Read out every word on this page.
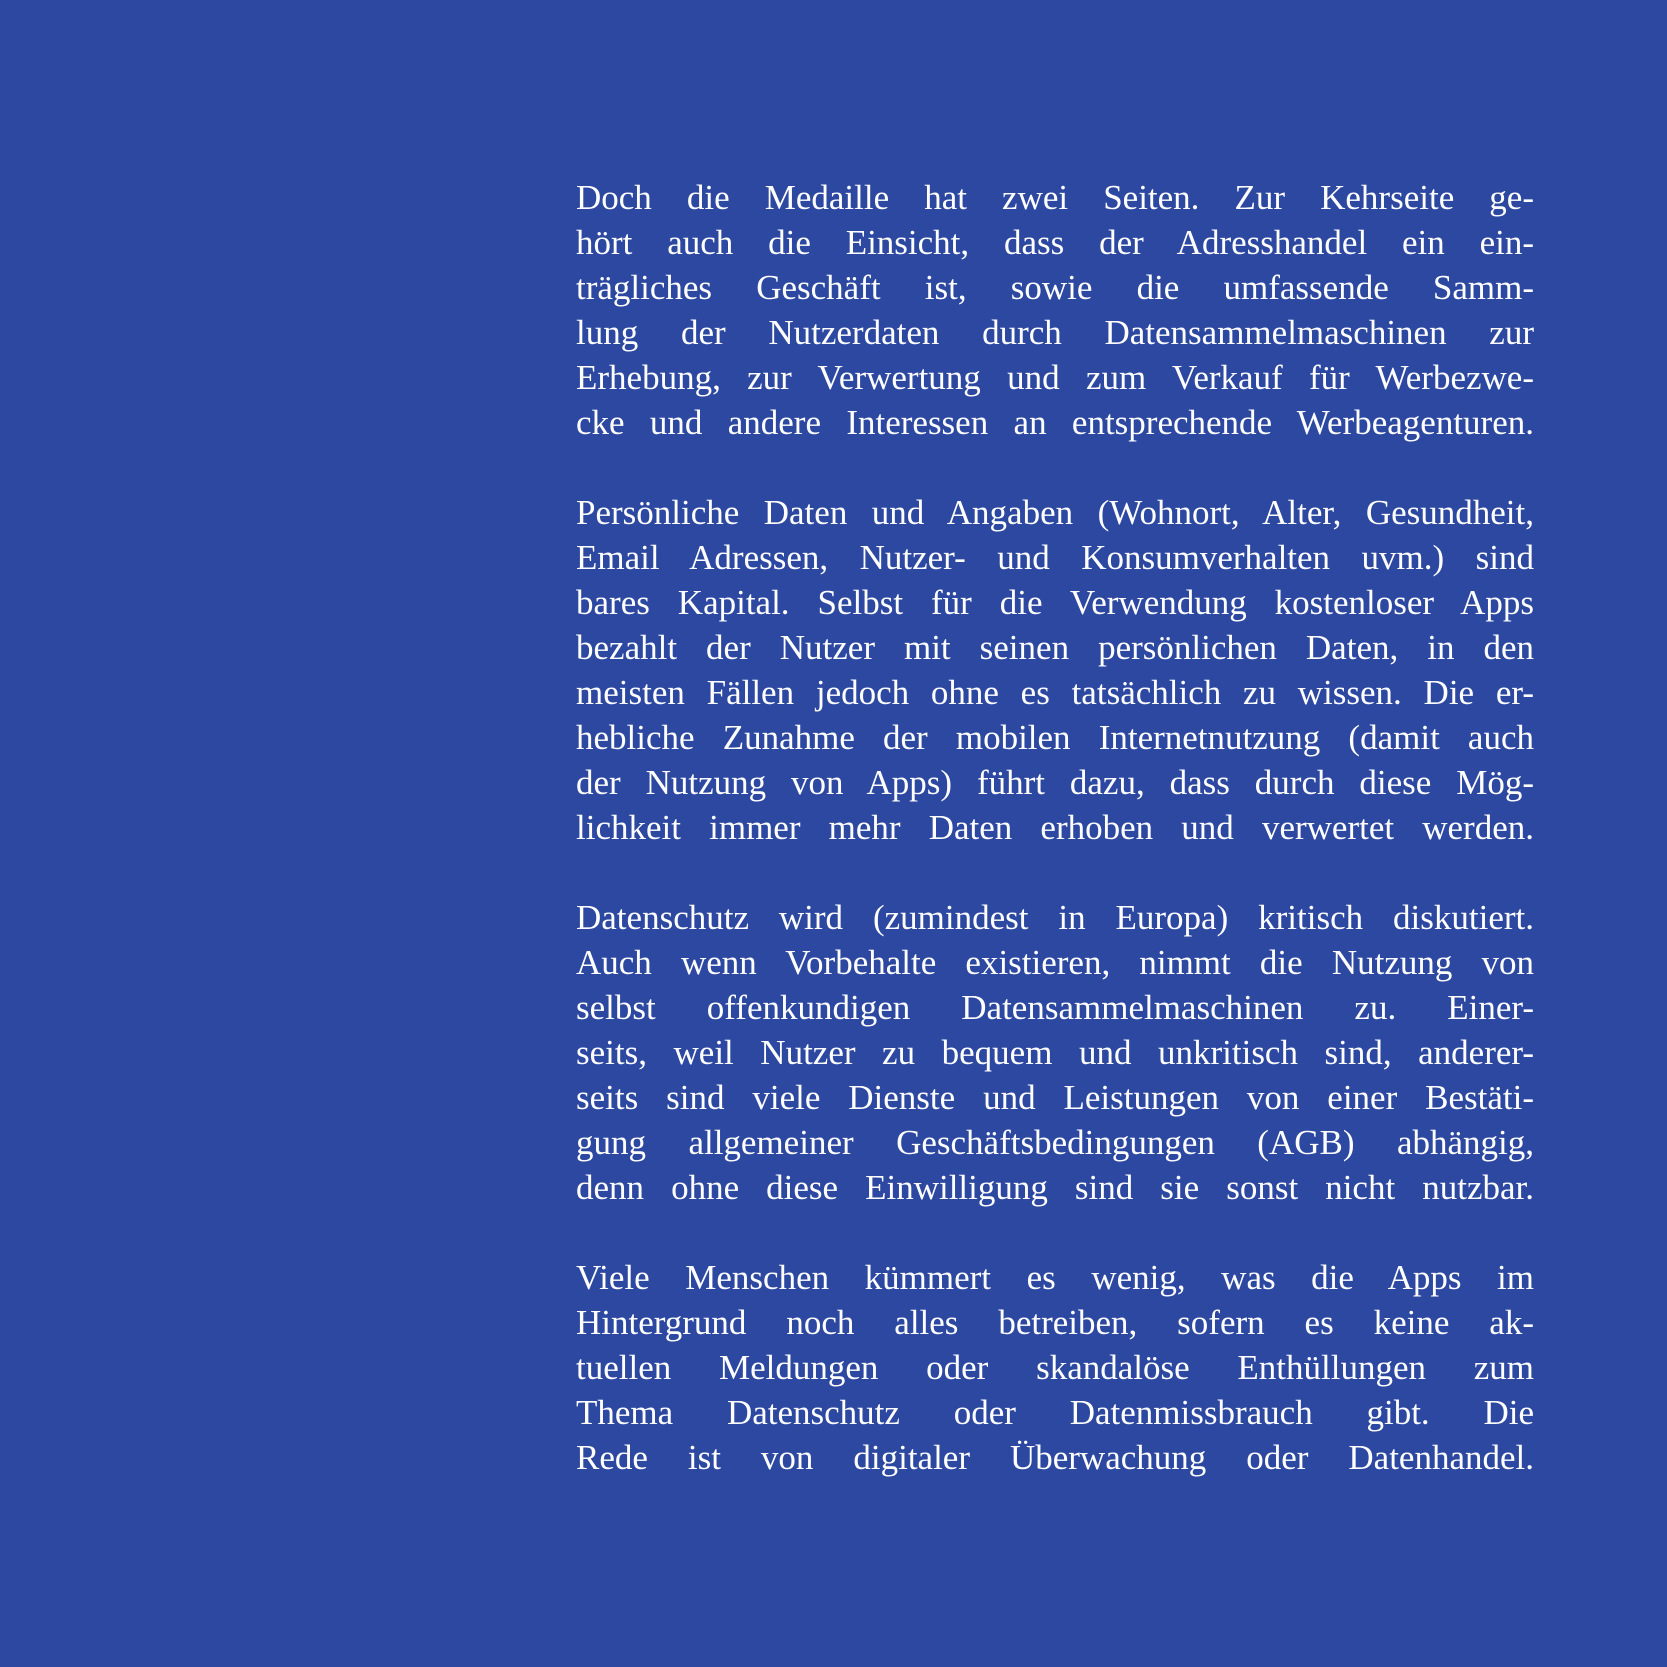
Doch die Medaille hat zwei Seiten. Zur Kehrseite ge-
hört auch die Einsicht, dass der Adresshandel ein ein-
trägliches Geschäft ist, sowie die umfassende Samm-
lung der Nutzerdaten durch Datensammelmaschinen zur
Erhebung, zur Verwertung und zum Verkauf für Werbezwe-
cke und andere Interessen an entsprechende Werbeagenturen.

Persönliche Daten und Angaben (Wohnort, Alter, Gesundheit,
Email Adressen, Nutzer- und Konsumverhalten uvm.) sind
bares Kapital. Selbst für die Verwendung kostenloser Apps
bezahlt der Nutzer mit seinen persönlichen Daten, in den
meisten Fällen jedoch ohne es tatsächlich zu wissen. Die er-
hebliche Zunahme der mobilen Internetnutzung (damit auch
der Nutzung von Apps) führt dazu, dass durch diese Mög-
lichkeit immer mehr Daten erhoben und verwertet werden.

Datenschutz wird (zumindest in Europa) kritisch diskutiert.
Auch wenn Vorbehalte existieren, nimmt die Nutzung von
selbst offenkundigen Datensammelmaschinen zu. Einer-
seits, weil Nutzer zu bequem und unkritisch sind, anderer-
seits sind viele Dienste und Leistungen von einer Bestäti-
gung allgemeiner Geschäftsbedingungen (AGB) abhängig,
denn ohne diese Einwilligung sind sie sonst nicht nutzbar.

Viele Menschen kümmert es wenig, was die Apps im
Hintergrund noch alles betreiben, sofern es keine ak-
tuellen Meldungen oder skandalöse Enthüllungen zum
Thema Datenschutz oder Datenmissbrauch gibt. Die
Rede ist von digitaler Überwachung oder Datenhandel.
